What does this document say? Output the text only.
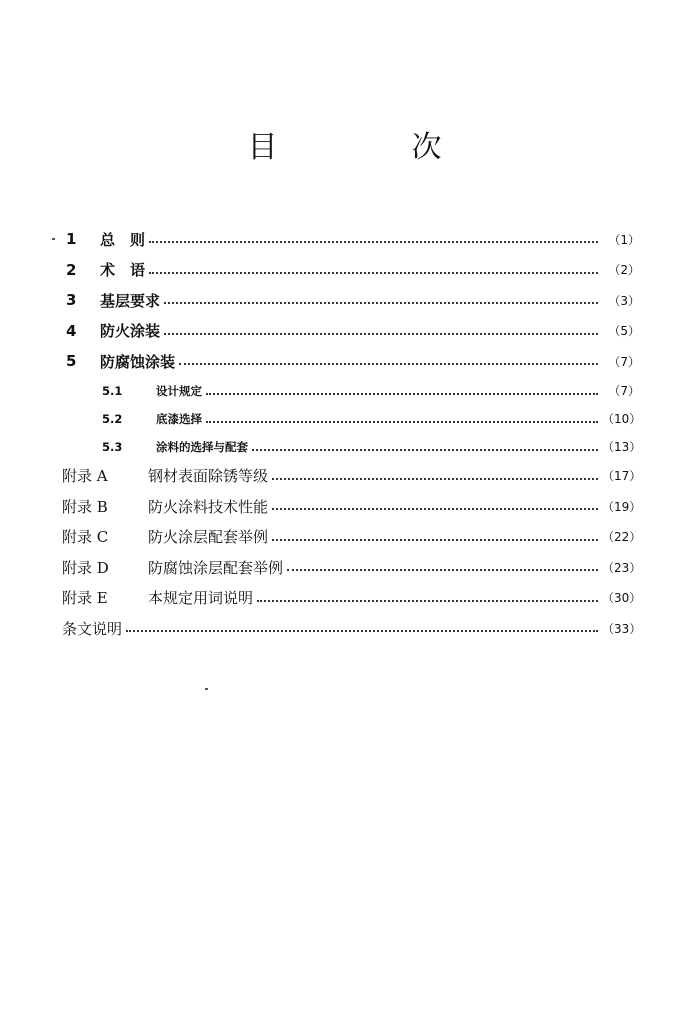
目　次
1	总　则	（1）
2	术　语	（2）
3	基层要求	（3）
4	防火涂装	（5）
5	防腐蚀涂装	（7）
5.1	设计规定	（7）
5.2	底漆选择	（10）
5.3	涂料的选择与配套	（13）
附录 A	钢材表面除锈等级	（17）
附录 B	防火涂料技术性能	（19）
附录 C	防火涂层配套举例	（22）
附录 D	防腐蚀涂层配套举例	（23）
附录 E	本规定用词说明	（30）
条文说明	（33）
